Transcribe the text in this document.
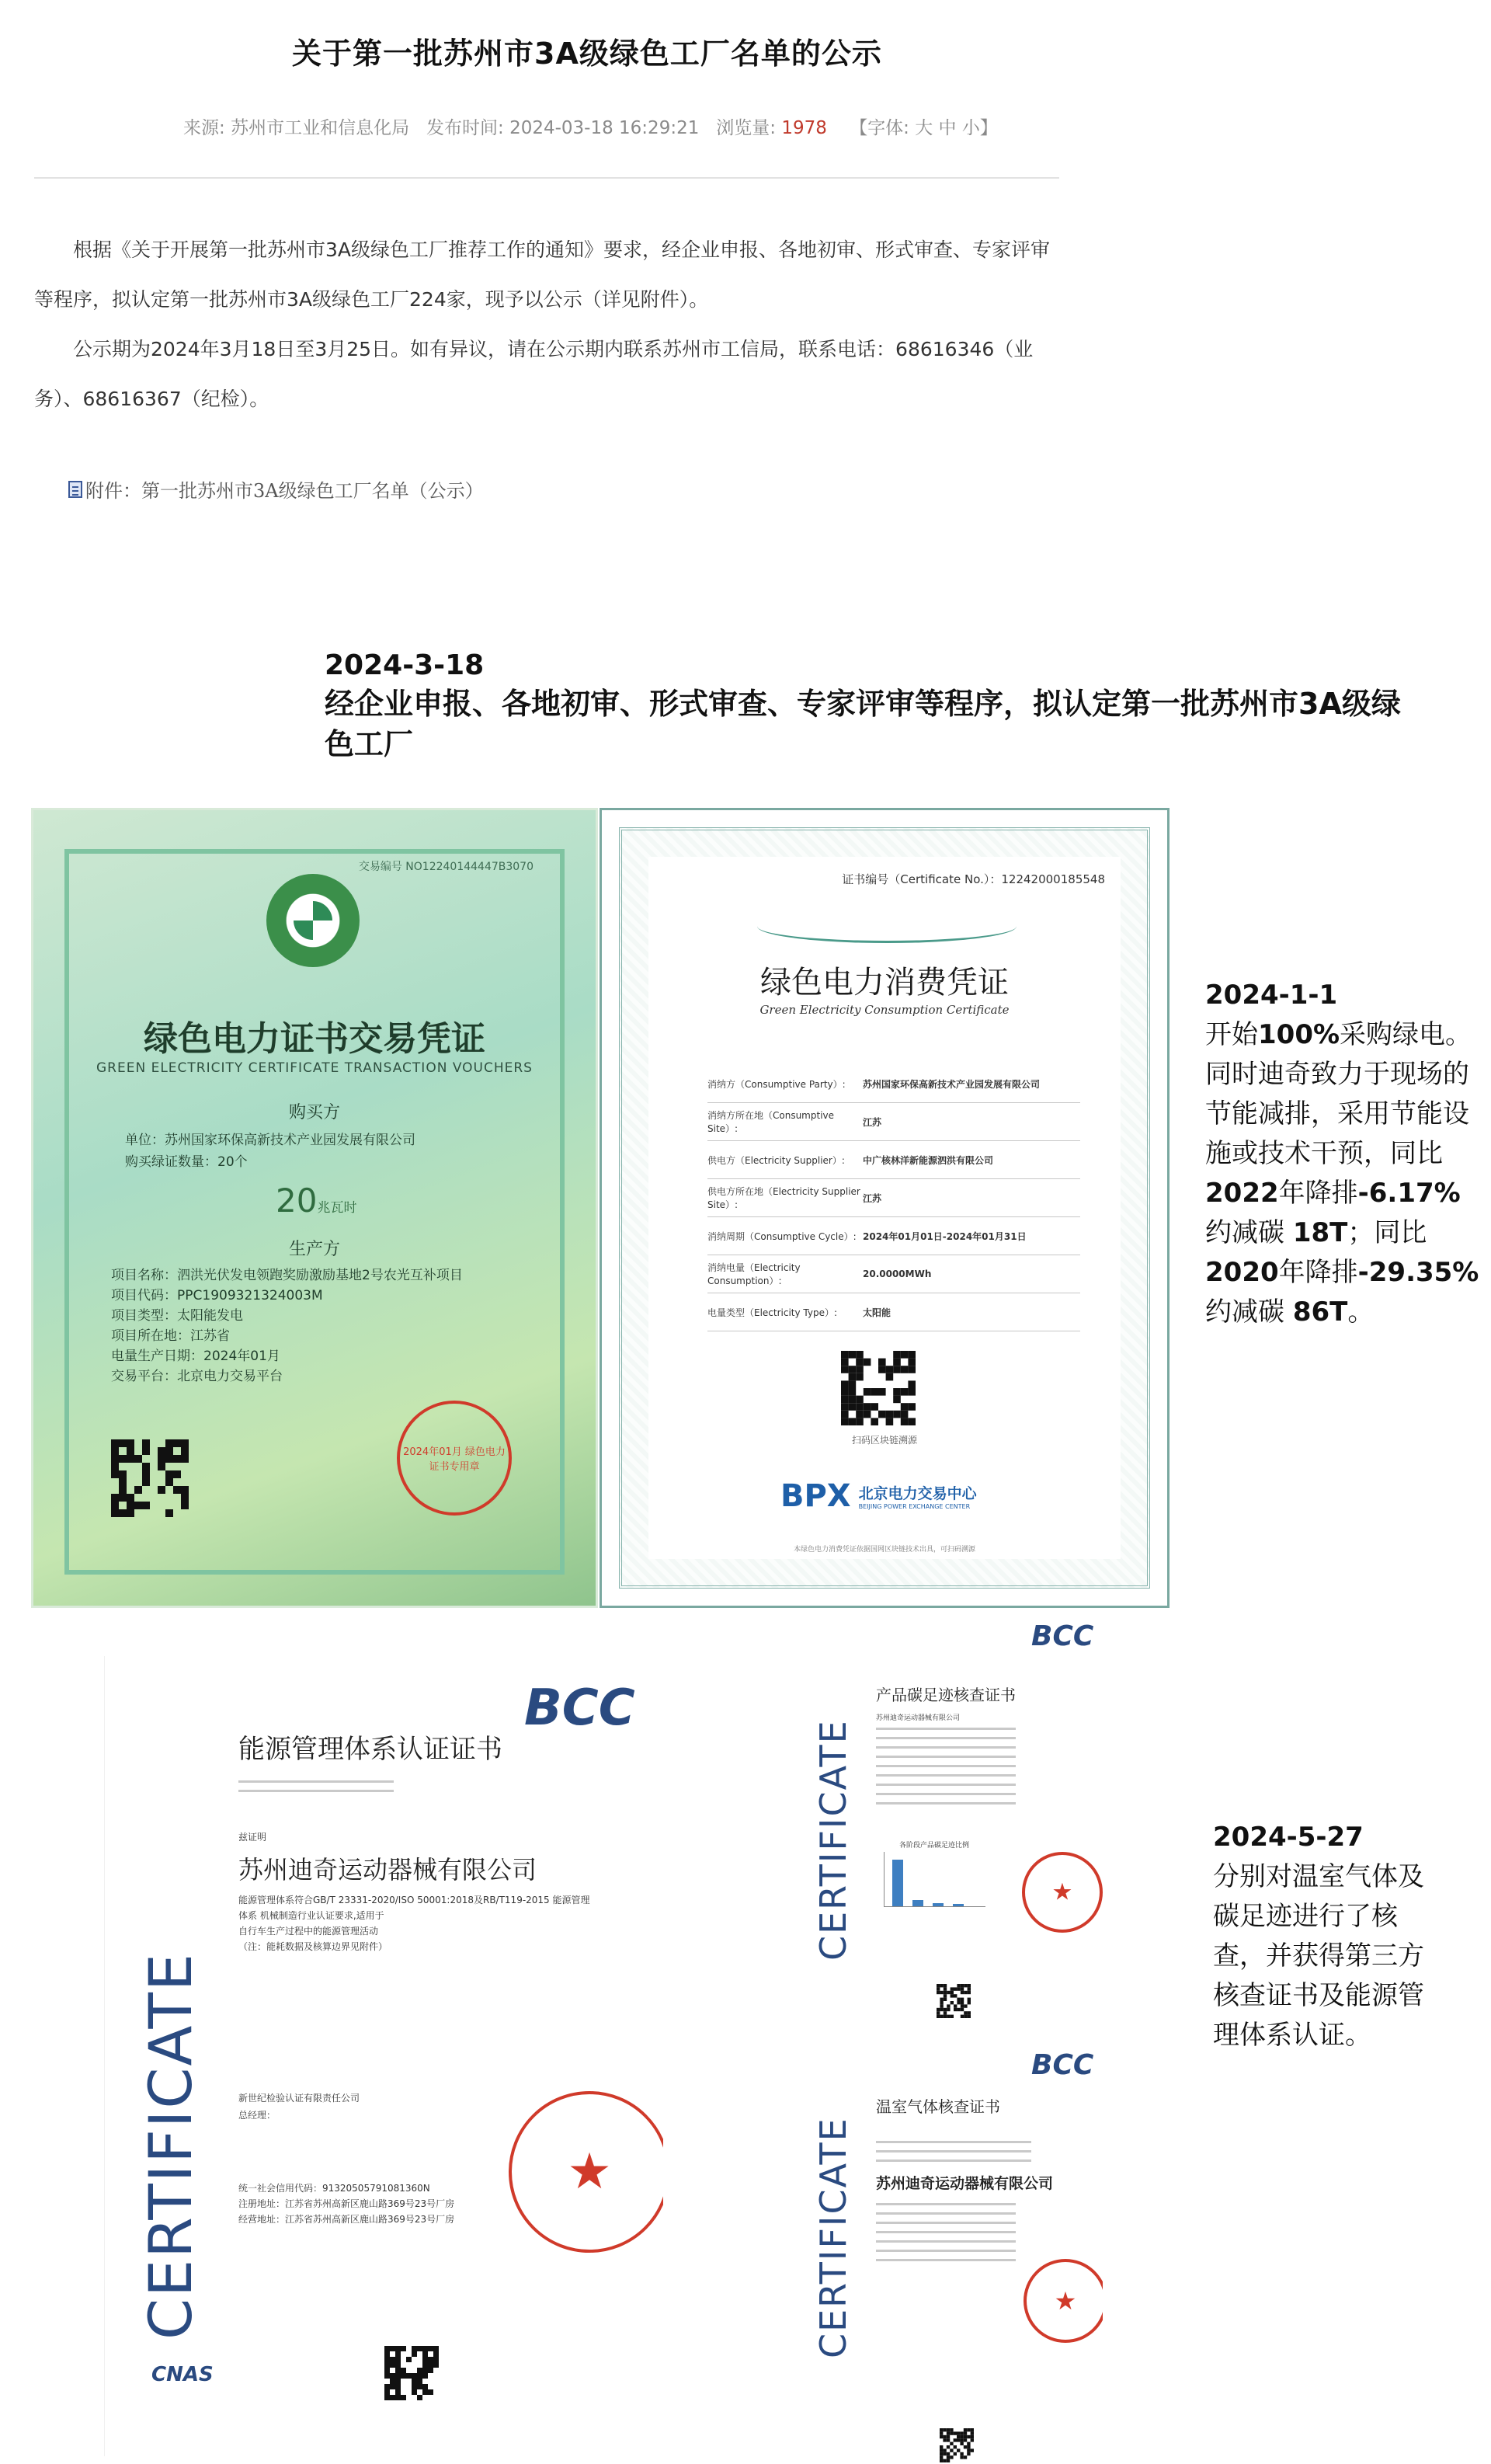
关于第一批苏州市3A级绿色工厂名单的公示
来源: 苏州市工业和信息化局 发布时间: 2024-03-18 16:29:21 浏览量: 1978 【字体: 大 中 小】

根据《关于开展第一批苏州市3A级绿色工厂推荐工作的通知》要求，经企业申报、各地初审、形式审查、专家评审等程序，拟认定第一批苏州市3A级绿色工厂224家，现予以公示（详见附件）。

公示期为2024年3月18日至3月25日。如有异议，请在公示期内联系苏州市工信局，联系电话：68616346（业务）、68616367（纪检）。

附件：第一批苏州市3A级绿色工厂名单（公示）
2024-3-18
经企业申报、各地初审、形式审查、专家评审等程序，拟认定第一批苏州市3A级绿色工厂
交易编号 NO12240144447B3070
绿色电力证书交易凭证
GREEN ELECTRICITY CERTIFICATE TRANSACTION VOUCHERS
购买方
单位：苏州国家环保高新技术产业园发展有限公司
购买绿证数量：20个
20兆瓦时
生产方
项目名称：泗洪光伏发电领跑奖励激励基地2号农光互补项目
项目代码：PPC1909321324003M
项目类型：太阳能发电
项目所在地：江苏省
电量生产日期：2024年01月
交易平台：北京电力交易平台
2024年01月 绿色电力证书专用章
证书编号（Certificate No.）：12242000185548
绿色电力消费凭证
Green Electricity Consumption Certificate
消纳方（Consumptive Party）:	苏州国家环保高新技术产业园发展有限公司
消纳方所在地（Consumptive Site）:
江苏
供电方（Electricity Supplier）:	中广核林洋新能源泗洪有限公司
供电方所在地（Electricity Supplier Site）:
江苏
消纳周期（Consumptive Cycle）: 2024年01月01日-2024年01月31日
消纳电量（Electricity Consumption）:
20.0000MWh
电量类型（Electricity Type）:	太阳能
扫码区块链溯源
BPX 北京电力交易中心
BEIJING POWER EXCHANGE CENTER
本绿色电力消费凭证依据国网区块链技术出具，可扫码溯源
2024-1-1
开始100%采购绿电。同时迪奇致力于现场的节能减排，采用节能设施或技术干预，同比2022年降排-6.17%约减碳 18T；同比2020年降排-29.35% 约减碳 86T。
CERTIFICATE
BCC
能源管理体系认证证书
兹证明
苏州迪奇运动器械有限公司
能源管理体系符合GB/T 23331-2020/ISO 50001:2018及RB/T119-2015 能源管理
体系 机械制造行业认证要求,适用于
自行车生产过程中的能源管理活动
（注：能耗数据及核算边界见附件）
新世纪检验认证有限责任公司
总经理：
统一社会信用代码：91320505791081360N
注册地址：江苏省苏州高新区鹿山路369号23号厂房
经营地址：江苏省苏州高新区鹿山路369号23号厂房
★
CNAS
CERTIFICATE
BCC
产品碳足迹核查证书
苏州迪奇运动器械有限公司
各阶段产品碳足迹比例
★	2024-5-27
分别对温室气体及碳足迹进行了核查，并获得第三方核查证书及能源管理体系认证。
CERTIFICATE
BCC
温室气体核查证书
苏州迪奇运动器械有限公司
★
